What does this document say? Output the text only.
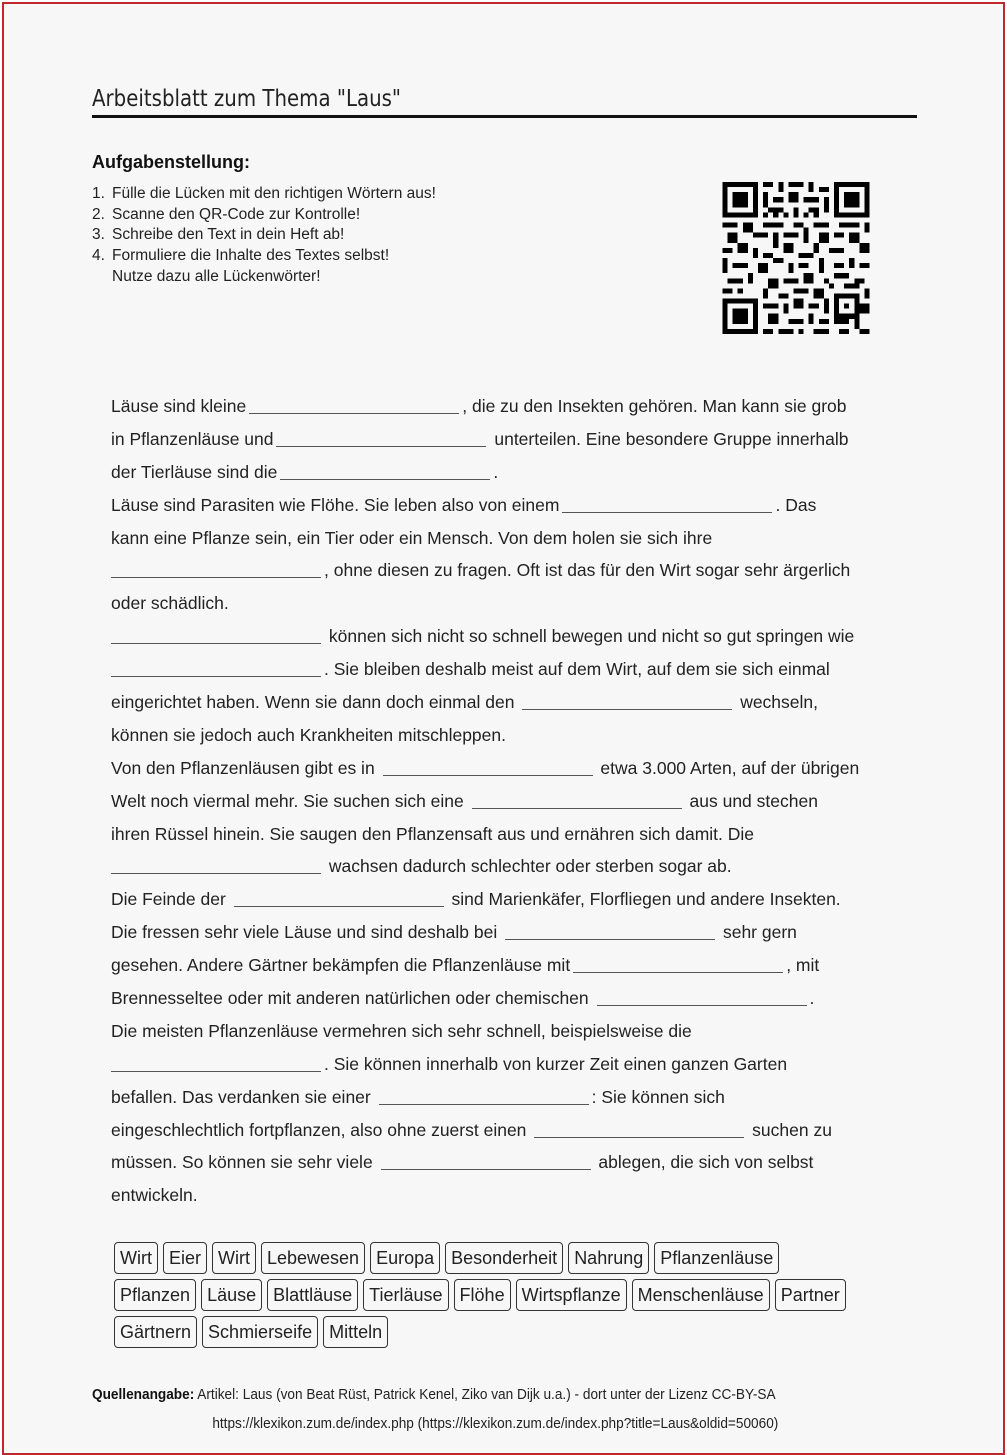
Arbeitsblatt zum Thema "Laus"
Aufgabenstellung:
1. Fülle die Lücken mit den richtigen Wörtern aus!
2. Scanne den QR-Code zur Kontrolle!
3. Schreibe den Text in dein Heft ab!
4. Formuliere die Inhalte des Textes selbst!
Nutze dazu alle Lückenwörter!
Läuse sind kleine	, die zu den Insekten gehören. Man kann sie grob
in Pflanzenläuse und	unterteilen. Eine besondere Gruppe innerhalb
der Tierläuse sind die	.
Läuse sind Parasiten wie Flöhe. Sie leben also von einem	. Das
kann eine Pflanze sein, ein Tier oder ein Mensch. Von dem holen sie sich ihre
, ohne diesen zu fragen. Oft ist das für den Wirt sogar sehr ärgerlich
oder schädlich.
können sich nicht so schnell bewegen und nicht so gut springen wie
. Sie bleiben deshalb meist auf dem Wirt, auf dem sie sich einmal
eingerichtet haben. Wenn sie dann doch einmal den	wechseln,
können sie jedoch auch Krankheiten mitschleppen.
Von den Pflanzenläusen gibt es in	etwa 3.000 Arten, auf der übrigen
Welt noch viermal mehr. Sie suchen sich eine	aus und stechen
ihren Rüssel hinein. Sie saugen den Pflanzensaft aus und ernähren sich damit. Die
wachsen dadurch schlechter oder sterben sogar ab.
Die Feinde der	sind Marienkäfer, Florfliegen und andere Insekten.
Die fressen sehr viele Läuse und sind deshalb bei	sehr gern
gesehen. Andere Gärtner bekämpfen die Pflanzenläuse mit	, mit
Brennesseltee oder mit anderen natürlichen oder chemischen	.
Die meisten Pflanzenläuse vermehren sich sehr schnell, beispielsweise die
. Sie können innerhalb von kurzer Zeit einen ganzen Garten
befallen. Das verdanken sie einer	: Sie können sich
eingeschlechtlich fortpflanzen, also ohne zuerst einen	suchen zu
müssen. So können sie sehr viele	ablegen, die sich von selbst
entwickeln.
Wirt Eier Wirt Lebewesen Europa Besonderheit Nahrung Pflanzenläuse
Pflanzen Läuse Blattläuse Tierläuse Flöhe Wirtspflanze Menschenläuse Partner
Gärtnern Schmierseife Mitteln
Quellenangabe: Artikel: Laus (von Beat Rüst, Patrick Kenel, Ziko van Dijk u.a.) - dort unter der Lizenz CC-BY-SA
https://klexikon.zum.de/index.php (https://klexikon.zum.de/index.php?title=Laus&oldid=50060)
